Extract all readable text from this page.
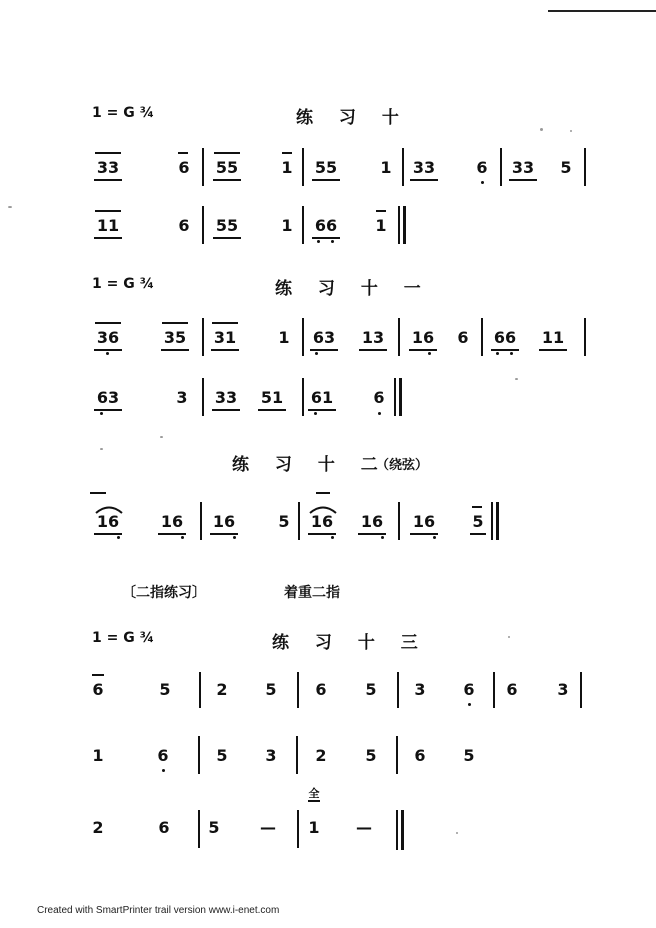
1 = G ¾	练 习 十
33	6 55	1 55	1 33	6 33 5
11	6 55	1 66 1
1 = G ¾	练 习 十 一
36	35 31	1 63 13 16 6 66 11
63	3 33 51 61	6
练 习 十 二
（绕弦）
16	16 16	5 16 16 16 5
〔二指练习〕	着重二指
1 = G ¾	练 习 十 三
6	5	2 5 6 5 3 6 6 3
1	6	5 3 2 5 6 5
2	6 5	—
全
1 —
Created with SmartPrinter trail version www.i-enet.com
